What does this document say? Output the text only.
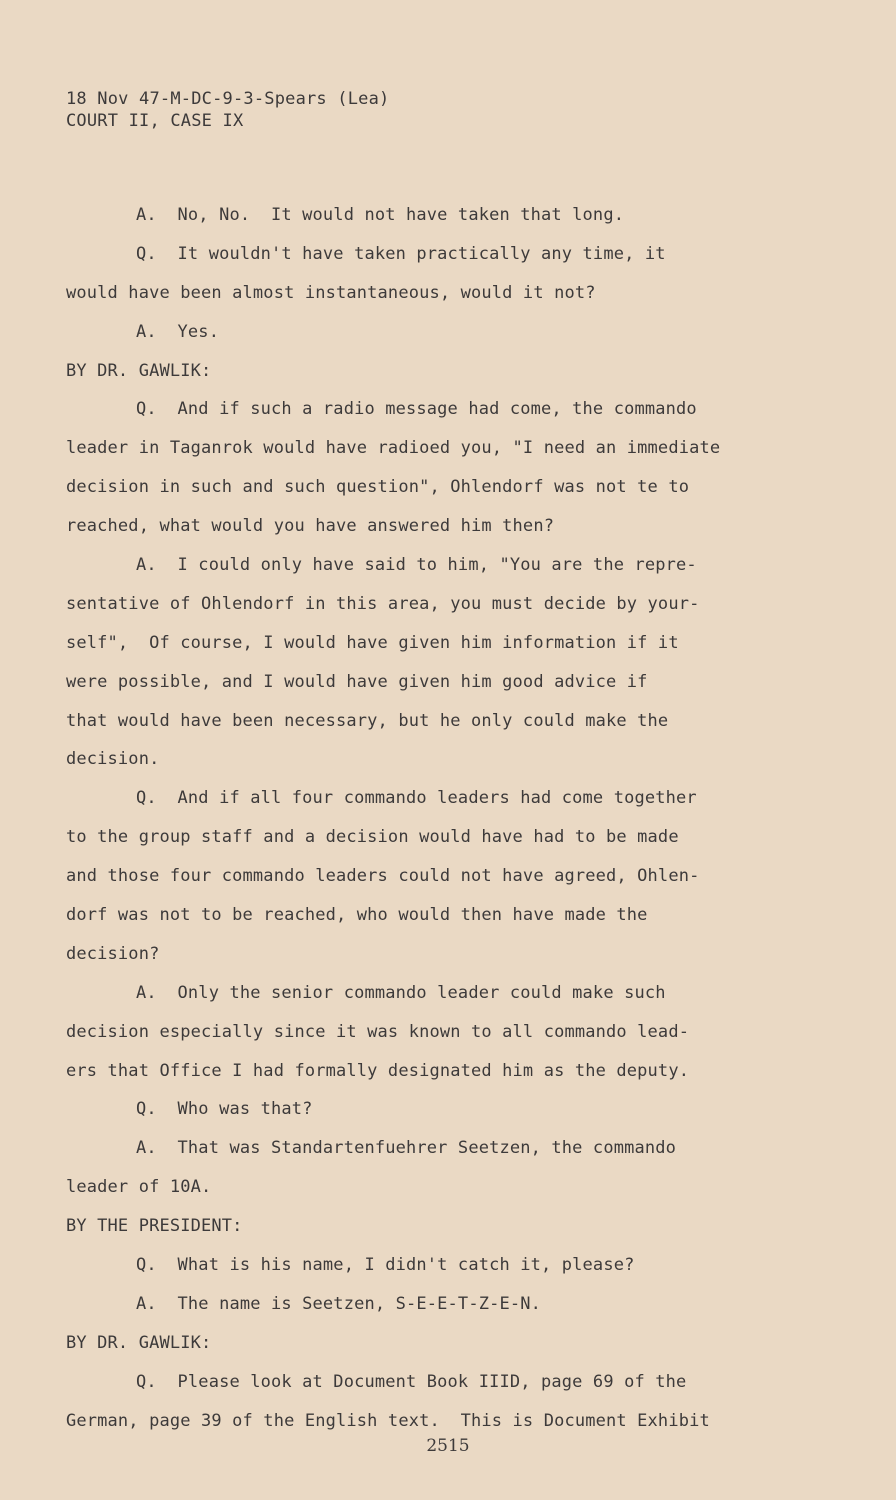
18 Nov 47-M-DC-9-3-Spears (Lea)
COURT II, CASE IX
A.  No, No.  It would not have taken that long.
Q.  It wouldn't have taken practically any time, it
would have been almost instantaneous, would it not?
A.  Yes.
BY DR. GAWLIK:
Q.  And if such a radio message had come, the commando
leader in Taganrok would have radioed you, "I need an immediate
decision in such and such question", Ohlendorf was not te to
reached, what would you have answered him then?
A.  I could only have said to him, "You are the repre-
sentative of Ohlendorf in this area, you must decide by your-
self",  Of course, I would have given him information if it
were possible, and I would have given him good advice if
that would have been necessary, but he only could make the
decision.
Q.  And if all four commando leaders had come together
to the group staff and a decision would have had to be made
and those four commando leaders could not have agreed, Ohlen-
dorf was not to be reached, who would then have made the
decision?
A.  Only the senior commando leader could make such
decision especially since it was known to all commando lead-
ers that Office I had formally designated him as the deputy.
Q.  Who was that?
A.  That was Standartenfuehrer Seetzen, the commando
leader of 10A.
BY THE PRESIDENT:
Q.  What is his name, I didn't catch it, please?
A.  The name is Seetzen, S-E-E-T-Z-E-N.
BY DR. GAWLIK:
Q.  Please look at Document Book IIID, page 69 of the
German, page 39 of the English text.  This is Document Exhibit
2515
